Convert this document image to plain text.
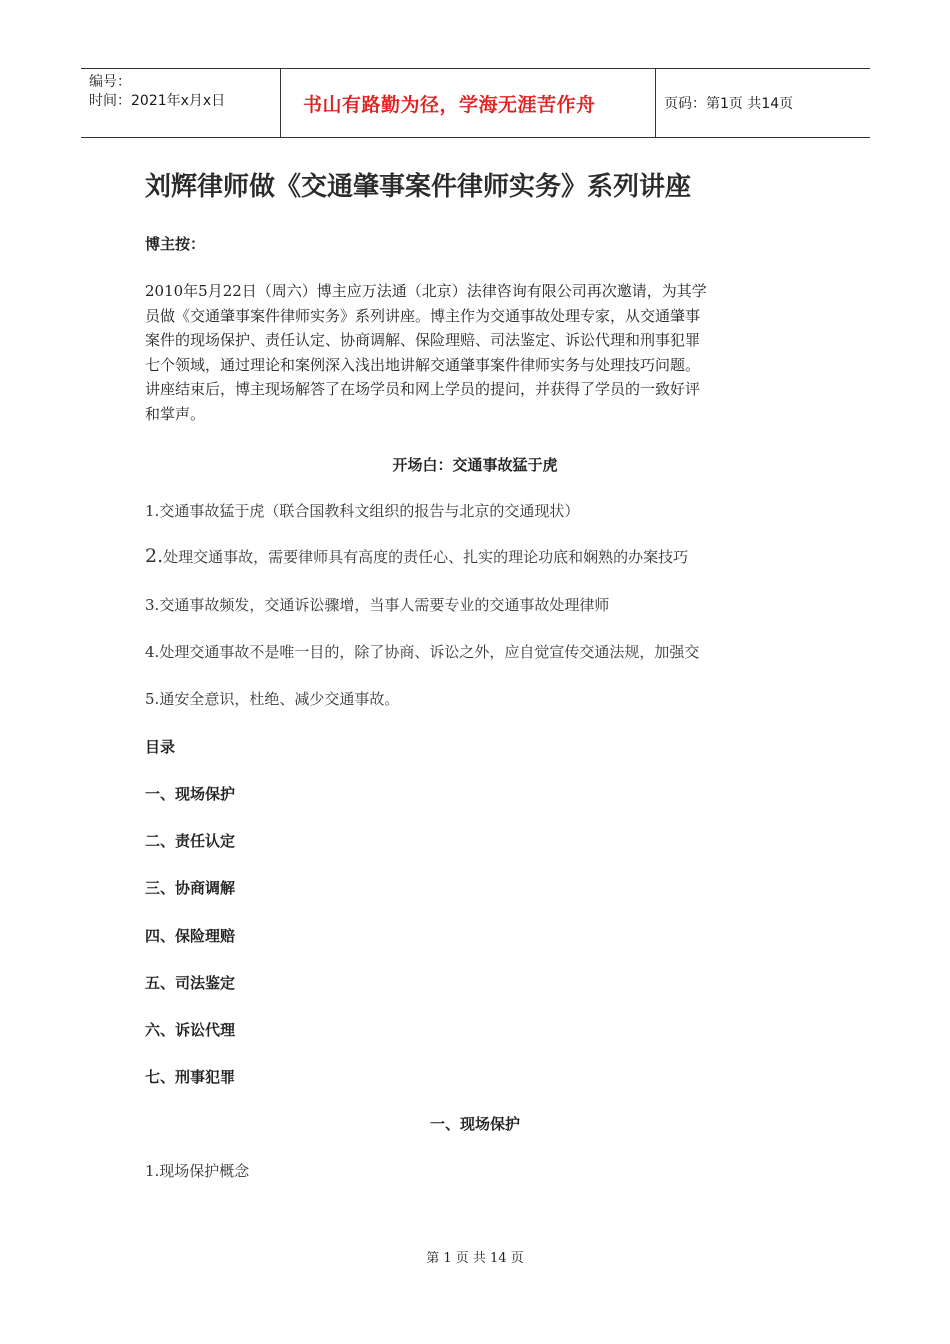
编号：
时间：2021年x月x日	书山有路勤为径，学海无涯苦作舟	页码：第1页 共14页
刘辉律师做《交通肇事案件律师实务》系列讲座
博主按：
2010年5月22日（周六）博主应万法通（北京）法律咨询有限公司再次邀请，为其学
员做《交通肇事案件律师实务》系列讲座。博主作为交通事故处理专家，从交通肇事
案件的现场保护、责任认定、协商调解、保险理赔、司法鉴定、诉讼代理和刑事犯罪
七个领域，通过理论和案例深入浅出地讲解交通肇事案件律师实务与处理技巧问题。
讲座结束后，博主现场解答了在场学员和网上学员的提问，并获得了学员的一致好评
和掌声。
开场白：交通事故猛于虎
1.交通事故猛于虎（联合国教科文组织的报告与北京的交通现状）
2.处理交通事故，需要律师具有高度的责任心、扎实的理论功底和娴熟的办案技巧
3.交通事故频发，交通诉讼骤增，当事人需要专业的交通事故处理律师
4.处理交通事故不是唯一目的，除了协商、诉讼之外，应自觉宣传交通法规，加强交
5.通安全意识，杜绝、减少交通事故。
目录
一、现场保护
二、责任认定
三、协商调解
四、保险理赔
五、司法鉴定
六、诉讼代理
七、刑事犯罪
一、现场保护
1.现场保护概念
第 1 页 共 14 页
